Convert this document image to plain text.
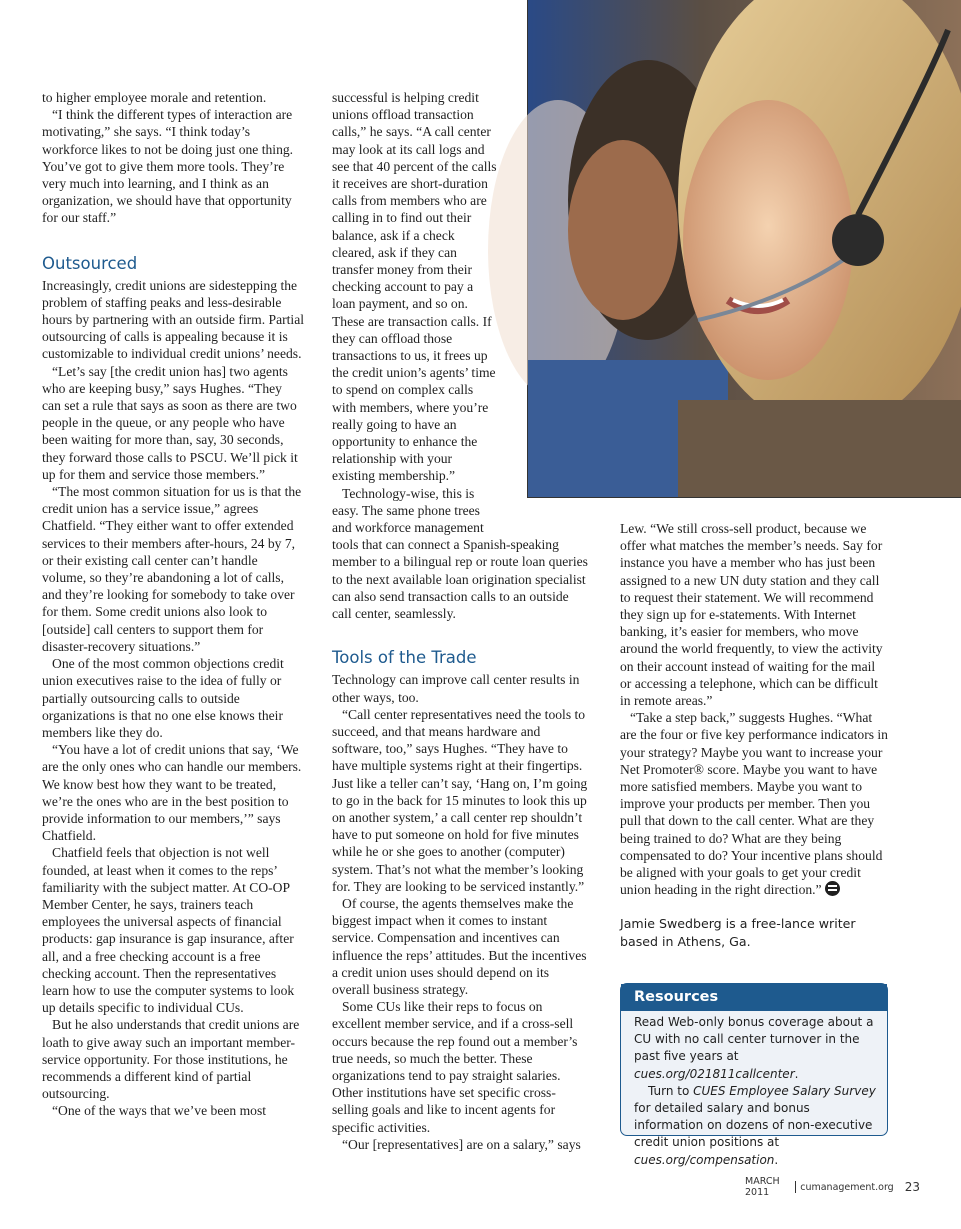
to higher employee morale and retention.

“I think the different types of interaction are motivating,” she says. “I think today’s workforce likes to not be doing just one thing. You’ve got to give them more tools. They’re very much into learning, and I think as an organization, we should have that opportunity for our staff.”

Outsourced

Increasingly, credit unions are sidestepping the problem of staffing peaks and less-desirable hours by partnering with an outside firm. Partial outsourcing of calls is appealing because it is customizable to individual credit unions’ needs.

“Let’s say [the credit union has] two agents who are keeping busy,” says Hughes. “They can set a rule that says as soon as there are two people in the queue, or any people who have been waiting for more than, say, 30 seconds, they forward those calls to PSCU. We’ll pick it up for them and service those members.”

“The most common situation for us is that the credit union has a service issue,” agrees Chatfield. “They either want to offer extended services to their members after-hours, 24 by 7, or their existing call center can’t handle volume, so they’re abandoning a lot of calls, and they’re looking for somebody to take over for them. Some credit unions also look to [outside] call centers to support them for disaster-recovery situations.”

One of the most common objections credit union executives raise to the idea of fully or partially outsourcing calls to outside organizations is that no one else knows their members like they do.

“You have a lot of credit unions that say, ‘We are the only ones who can handle our members. We know best how they want to be treated, we’re the ones who are in the best position to provide information to our members,’” says Chatfield.

Chatfield feels that objection is not well founded, at least when it comes to the reps’ familiarity with the subject matter. At CO-OP Member Center, he says, trainers teach employees the universal aspects of financial products: gap insurance is gap insurance, after all, and a free checking account is a free checking account. Then the representatives learn how to use the computer systems to look up details specific to individual CUs.

But he also understands that credit unions are loath to give away such an important member-service opportunity. For those institutions, he recommends a different kind of partial outsourcing.

“One of the ways that we’ve been most

successful is helping credit unions offload transaction calls,” he says. “A call center may look at its call logs and see that 40 percent of the calls it receives are short-duration calls from members who are calling in to find out their balance, ask if a check cleared, ask if they can transfer money from their checking account to pay a loan payment, and so on. These are transaction calls. If they can offload those transactions to us, it frees up the credit union’s agents’ time to spend on complex calls with members, where you’re really going to have an opportunity to enhance the relationship with your existing membership.”

Technology-wise, this is easy. The same phone trees and workforce management

tools that can connect a Spanish-speaking member to a bilingual rep or route loan queries to the next available loan origination specialist can also send transaction calls to an outside call center, seamlessly.

Tools of the Trade

Technology can improve call center results in other ways, too.

“Call center representatives need the tools to succeed, and that means hardware and software, too,” says Hughes. “They have to have multiple systems right at their fingertips. Just like a teller can’t say, ‘Hang on, I’m going to go in the back for 15 minutes to look this up on another system,’ a call center rep shouldn’t have to put someone on hold for five minutes while he or she goes to another (computer) system. That’s not what the member’s looking for. They are looking to be serviced instantly.”

Of course, the agents themselves make the biggest impact when it comes to instant service. Compensation and incentives can influence the reps’ attitudes. But the incentives a credit union uses should depend on its overall business strategy.

Some CUs like their reps to focus on excellent member service, and if a cross-sell occurs because the rep found out a member’s true needs, so much the better. These organizations tend to pay straight salaries. Other institutions have set specific cross-selling goals and like to incent agents for specific activities.

“Our [representatives] are on a salary,” says

Lew. “We still cross-sell product, because we offer what matches the member’s needs. Say for instance you have a member who has just been assigned to a new UN duty station and they call to request their statement. We will recommend they sign up for e-statements. With Internet banking, it’s easier for members, who move around the world frequently, to view the activity on their account instead of waiting for the mail or accessing a telephone, which can be difficult in remote areas.”

“Take a step back,” suggests Hughes. “What are the four or five key performance indicators in your strategy? Maybe you want to increase your Net Promoter® score. Maybe you want to have more satisfied members. Maybe you want to improve your products per member. Then you pull that down to the call center. What are they being trained to do? What are they being compensated to do? Your incentive plans should be aligned with your goals to get your credit union heading in the right direction.”

Jamie Swedberg is a free-lance writer based in Athens, Ga.

Resources

Read Web-only bonus coverage about a CU with no call center turnover in the past five years at cues.org/021811callcenter.

Turn to CUES Employee Salary Survey for detailed salary and bonus information on dozens of non-executive credit union positions at cues.org/compensation.

MARCH 2011	cumanagement.org 23
